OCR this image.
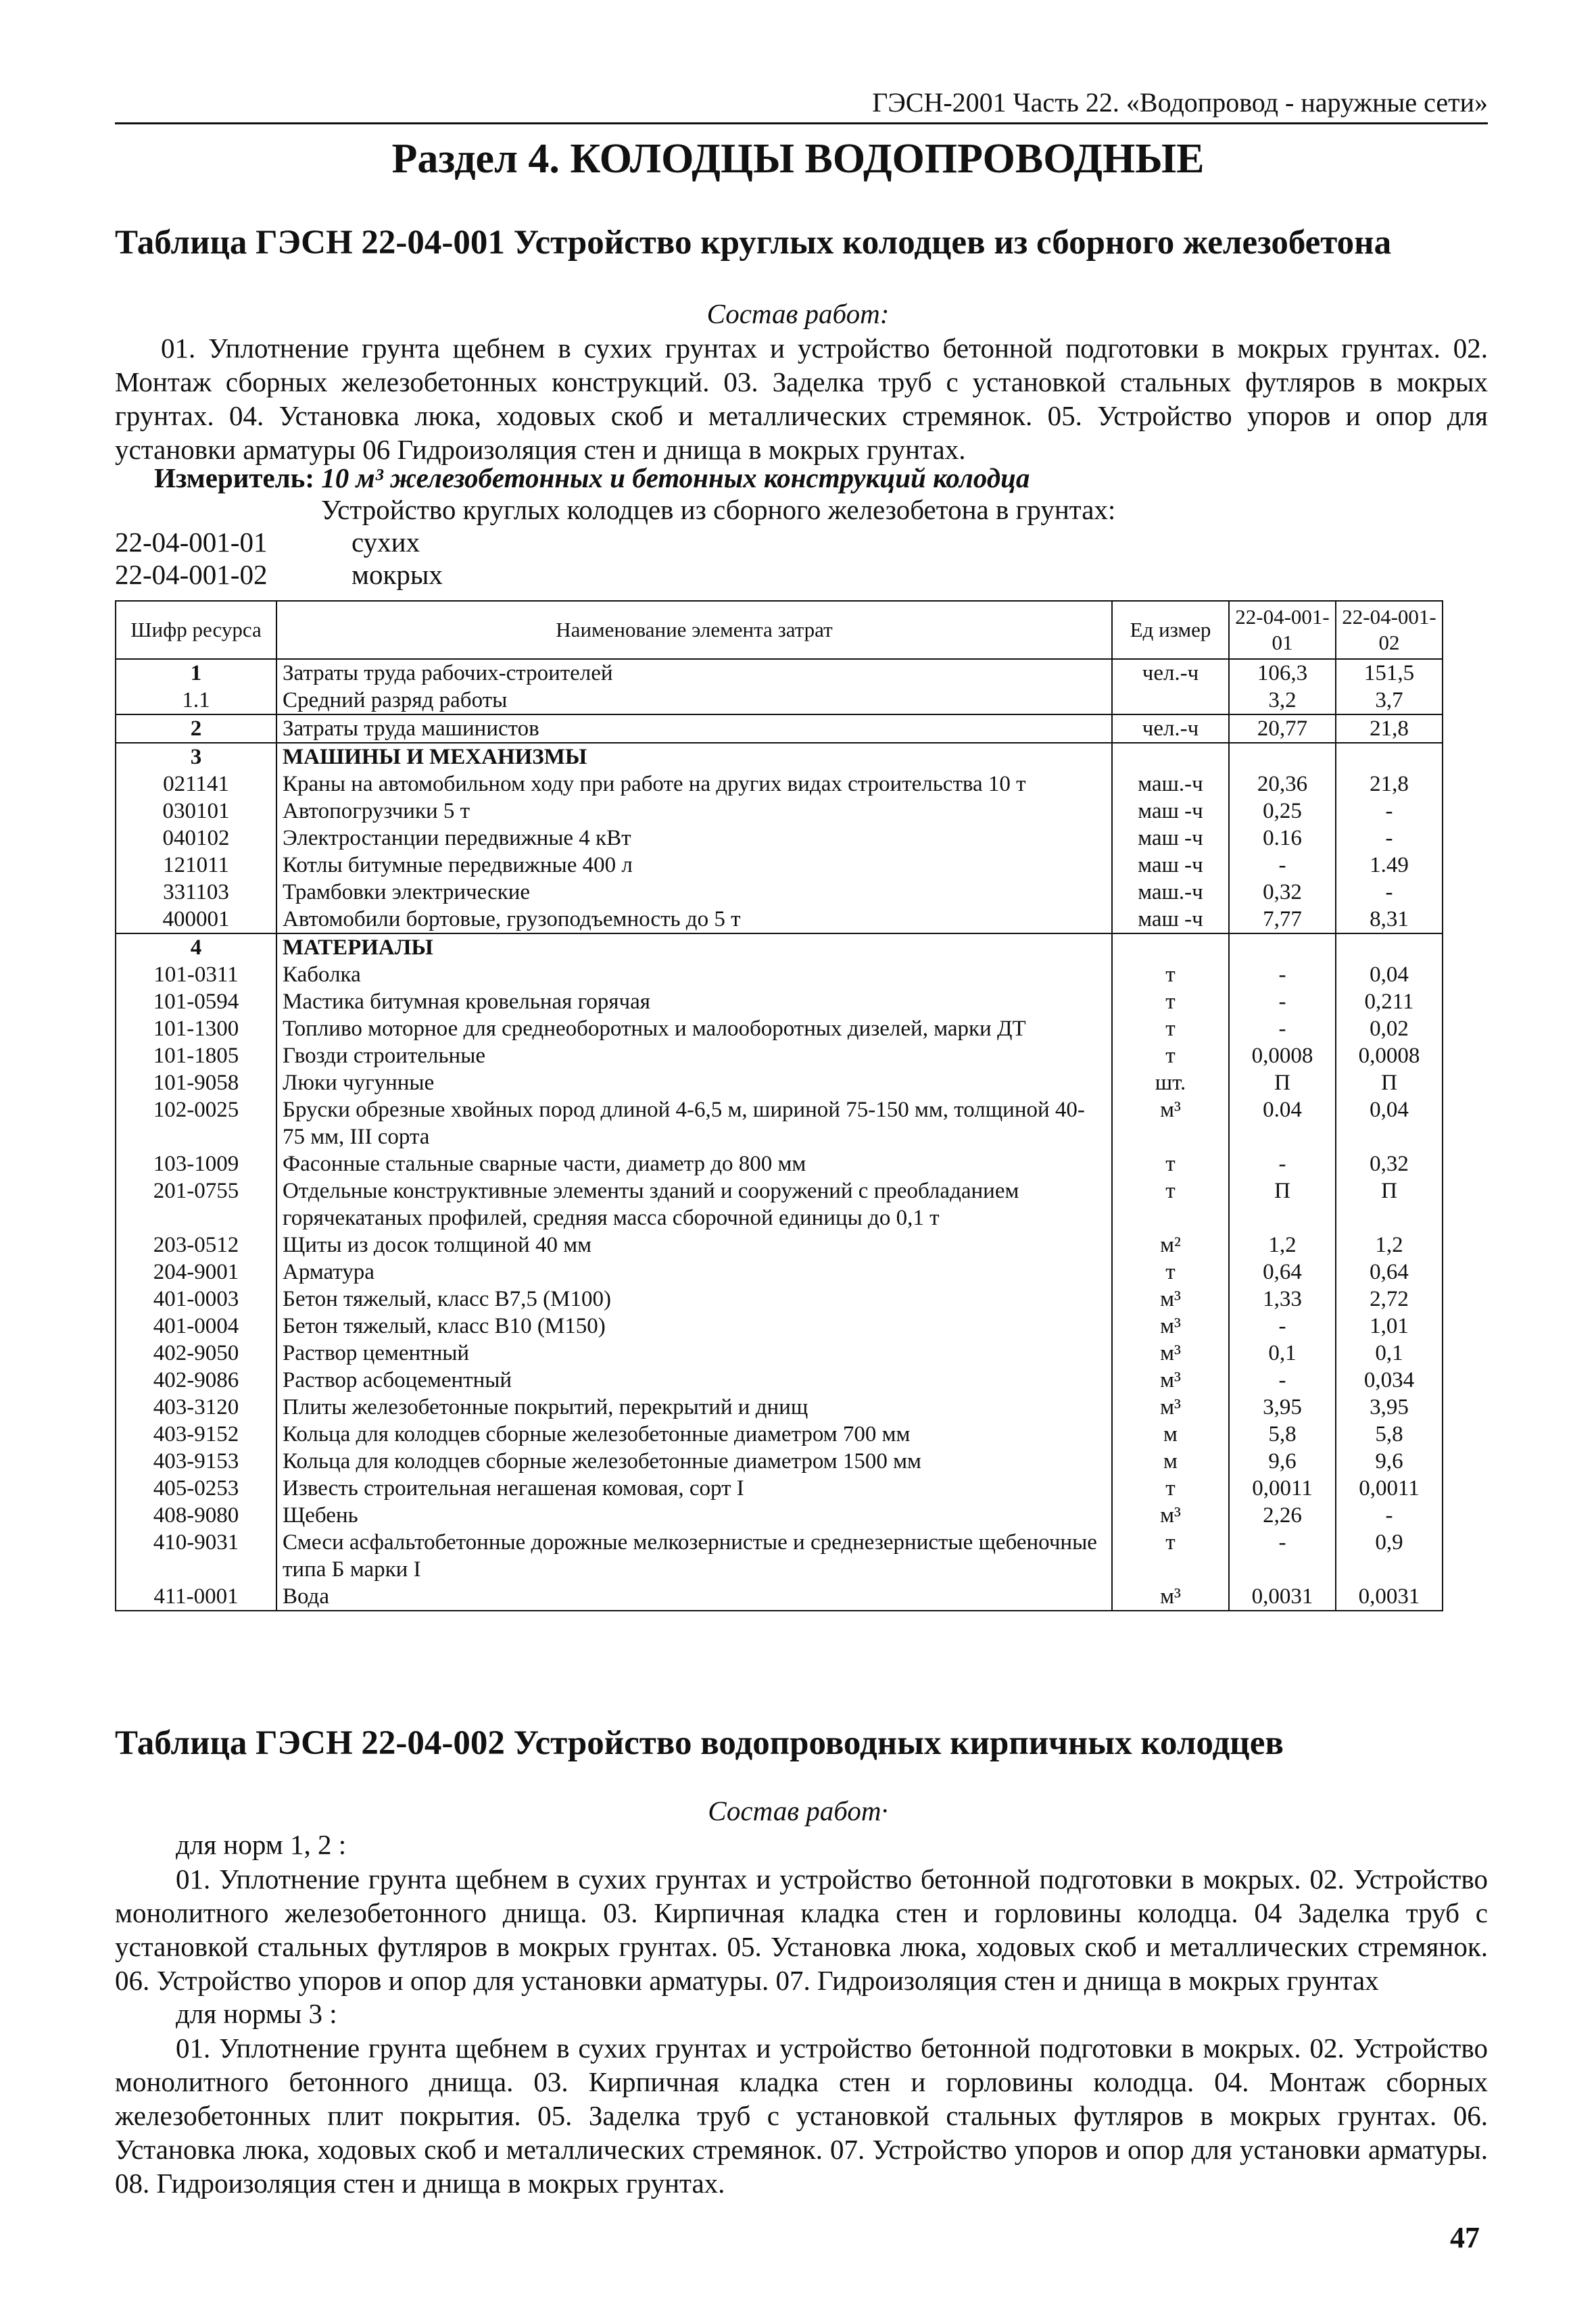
ГЭСН-2001 Часть 22. «Водопровод - наружные сети»
Раздел 4. КОЛОДЦЫ ВОДОПРОВОДНЫЕ
Таблица ГЭСН 22-04-001 Устройство круглых колодцев из сборного железобетона
Состав работ:
01. Уплотнение грунта щебнем в сухих грунтах и устройство бетонной подготовки в мокрых грунтах. 02. Монтаж сборных железобетонных конструкций. 03. Заделка труб с установкой стальных футляров в мокрых грунтах. 04. Установка люка, ходовых скоб и металлических стремянок. 05. Устройство упоров и опор для установки арматуры 06 Гидроизоляция стен и днища в мокрых грунтах.
Измеритель: 10 м³ железобетонных и бетонных конструкций колодца
Устройство круглых колодцев из сборного железобетона в грунтах:
22-04-001-01	сухих
22-04-001-02	мокрых
Шифр ресурса	Наименование элемента затрат	Ед измер	22-04-001-01	22-04-001-02
1	Затраты труда рабочих-строителей	чел.-ч	106,3	151,5
1.1	Средний разряд работы		3,2	3,7
2	Затраты труда машинистов	чел.-ч	20,77	21,8
3	МАШИНЫ И МЕХАНИЗМЫ			
021141	Краны на автомобильном ходу при работе на других видах строительства 10 т	маш.-ч	20,36	21,8
030101	Автопогрузчики 5 т	маш -ч	0,25	-
040102	Электростанции передвижные 4 кВт	маш -ч	0.16	-
121011	Котлы битумные передвижные 400 л	маш -ч	-	1.49
331103	Трамбовки электрические	маш.-ч	0,32	-
400001	Автомобили бортовые, грузоподъемность до 5 т	маш -ч	7,77	8,31
4	МАТЕРИАЛЫ			
101-0311	Каболка	т	-	0,04
101-0594	Мастика битумная кровельная горячая	т	-	0,211
101-1300	Топливо моторное для среднеоборотных и малооборотных дизелей, марки ДТ	т	-	0,02
101-1805	Гвозди строительные	т	0,0008	0,0008
101-9058	Люки чугунные	шт.	П	П
102-0025	Бруски обрезные хвойных пород длиной 4-6,5 м, шириной 75-150 мм, толщиной 40-75 мм, III сорта	м³	0.04	0,04
103-1009	Фасонные стальные сварные части, диаметр до 800 мм	т	-	0,32
201-0755	Отдельные конструктивные элементы зданий и сооружений с преобладанием горячекатаных профилей, средняя масса сборочной единицы до 0,1 т	т	П	П
203-0512	Щиты из досок толщиной 40 мм	м²	1,2	1,2
204-9001	Арматура	т	0,64	0,64
401-0003	Бетон тяжелый, класс В7,5 (М100)	м³	1,33	2,72
401-0004	Бетон тяжелый, класс В10 (М150)	м³	-	1,01
402-9050	Раствор цементный	м³	0,1	0,1
402-9086	Раствор асбоцементный	м³	-	0,034
403-3120	Плиты железобетонные покрытий, перекрытий и днищ	м³	3,95	3,95
403-9152	Кольца для колодцев сборные железобетонные диаметром 700 мм	м	5,8	5,8
403-9153	Кольца для колодцев сборные железобетонные диаметром 1500 мм	м	9,6	9,6
405-0253	Известь строительная негашеная комовая, сорт I	т	0,0011	0,0011
408-9080	Щебень	м³	2,26	-
410-9031	Смеси асфальтобетонные дорожные мелкозернистые и среднезернистые щебеночные типа Б марки I	т	-	0,9
411-0001	Вода	м³	0,0031	0,0031
Таблица ГЭСН 22-04-002 Устройство водопроводных кирпичных колодцев
Состав работ·
для норм 1, 2 :
01. Уплотнение грунта щебнем в сухих грунтах и устройство бетонной подготовки в мокрых. 02. Устройство монолитного железобетонного днища. 03. Кирпичная кладка стен и горловины колодца. 04 Заделка труб с установкой стальных футляров в мокрых грунтах. 05. Установка люка, ходовых скоб и металлических стремянок. 06. Устройство упоров и опор для установки арматуры. 07. Гидроизоляция стен и днища в мокрых грунтах
для нормы 3 :
01. Уплотнение грунта щебнем в сухих грунтах и устройство бетонной подготовки в мокрых. 02. Устройство монолитного бетонного днища. 03. Кирпичная кладка стен и горловины колодца. 04. Монтаж сборных железобетонных плит покрытия. 05. Заделка труб с установкой стальных футляров в мокрых грунтах. 06. Установка люка, ходовых скоб и металлических стремянок. 07. Устройство упоров и опор для установки арматуры. 08. Гидроизоляция стен и днища в мокрых грунтах.
47
